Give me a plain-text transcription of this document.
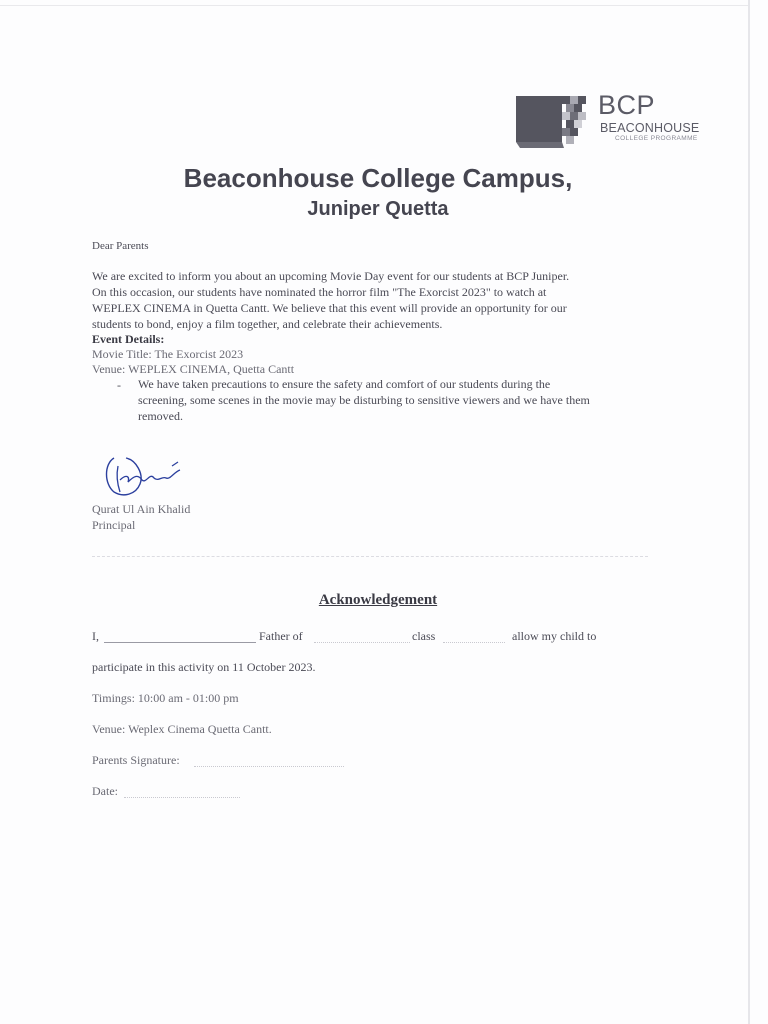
BCP
BEACONHOUSE
COLLEGE PROGRAMME
Beaconhouse College Campus,
Juniper Quetta
Dear Parents
We are excited to inform you about an upcoming Movie Day event for our students at BCP Juniper.
On this occasion, our students have nominated the horror film "The Exorcist 2023" to watch at
WEPLEX CINEMA in Quetta Cantt. We believe that this event will provide an opportunity for our
students to bond, enjoy a film together, and celebrate their achievements.
Event Details:
Movie Title: The Exorcist 2023
Venue: WEPLEX CINEMA, Quetta Cantt
- We have taken precautions to ensure the safety and comfort of our students during the
screening, some scenes in the movie may be disturbing to sensitive viewers and we have them
removed.
Qurat Ul Ain Khalid
Principal
Acknowledgement
I,	Father of	class	allow my child to
participate in this activity on 11 October 2023.
Timings: 10:00 am - 01:00 pm
Venue: Weplex Cinema Quetta Cantt.
Parents Signature:
Date:
